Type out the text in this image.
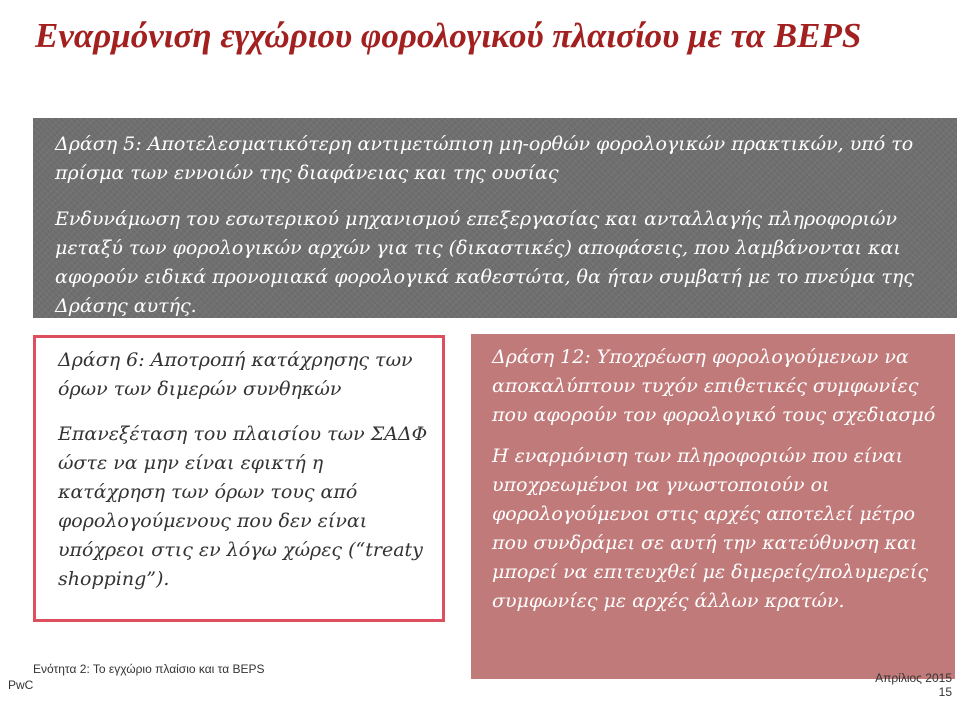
Εναρμόνιση εγχώριου φορολογικού πλαισίου με τα BEPS

Δράση 5: Αποτελεσματικότερη αντιμετώπιση μη-ορθών φορολογικών πρακτικών, υπό το πρίσμα των εννοιών της διαφάνειας και της ουσίας

Ενδυνάμωση του εσωτερικού μηχανισμού επεξεργασίας και ανταλλαγής πληροφοριών μεταξύ των φορολογικών αρχών για τις (δικαστικές) αποφάσεις, που λαμβάνονται και αφορούν ειδικά προνομιακά φορολογικά καθεστώτα, θα ήταν συμβατή με το πνεύμα της Δράσης αυτής.

Δράση 6: Αποτροπή κατάχρησης των όρων των διμερών συνθηκών

Επανεξέταση του πλαισίου των ΣΑΔΦ ώστε να μην είναι εφικτή η κατάχρηση των όρων τους από φορολογούμενους που δεν είναι υπόχρεοι στις εν λόγω χώρες (“treaty shopping”).

Δράση 12: Υποχρέωση φορολογούμενων να αποκαλύπτουν τυχόν επιθετικές συμφωνίες που αφορούν τον φορολογικό τους σχεδιασμό

Η εναρμόνιση των πληροφοριών που είναι υποχρεωμένοι να γνωστοποιούν οι φορολογούμενοι στις αρχές αποτελεί μέτρο που συνδράμει σε αυτή την κατεύθυνση και μπορεί να επιτευχθεί με διμερείς/πολυμερείς συμφωνίες με αρχές άλλων κρατών.

Ενότητα 2: Το εγχώριο πλαίσιο και τα BEPS

PwC	Απρίλιος 2015

15
